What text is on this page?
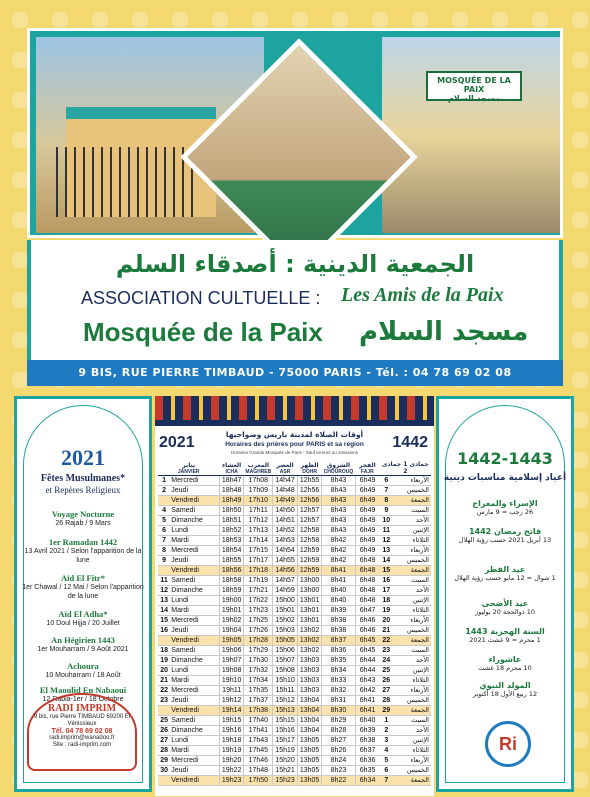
MOSQUÉE DE LA PAIX
مسجد السلام
الجمعية الدينية : أصدقاء السلم
ASSOCIATION CULTUELLE : Les Amis de la Paix
Mosquée de la Paix مسجد السلام
9 BIS, RUE PIERRE TIMBAUD - 75000 PARIS - Tél. : 04 78 69 02 08
2021
Fêtes Musulmanes*
et Repères Religieux
Voyage Nocturne
26 Rajab / 9 Mars
1er Ramadan 1442
13 Avril 2021 / Selon l'apparition de la lune
Aïd El Fitr*
1er Chawal / 12 Mai / Selon l'apparition de la lune
Aïd El Adha*
10 Doul Hijja / 20 Juillet
An Hégirien 1443
1er Mouharram / 9 Août 2021
Achoura
10 Mouharram / 18 Août
El Maoulid En Nabaoui
12 Rabia-1er / 18 Octobre
RADI IMPRIM
9 bis, rue Pierre TIMBAUD 69200 El Vénissieux
Tél. 04 78 69 02 08
radi.imprim@wanadoo.fr
Site : radi-imprim.com
1442-1443
أعياد إسلامية مناسبات دينية
الإسراء والمعراج
26 رجب = 9 مارس
فاتح رمضان 1442
13 أبريل 2021 حسب رؤية الهلال
عيد الفطر
1 شوال = 12 مايو حسب رؤية الهلال
عيد الأضحى
10 ذوالحجة 20 يوليوز
السنة الهجرية 1443
1 محرم = 9 غشت 2021
عاشوراء
10 محرم 18 غشت
المولد النبوي
12 ربيع الأول 18 أكتوبر
Ri
2021	أوقات الصلاة لمدينة باريس وضواحيها
Horaires des prières pour PARIS et sa région
Horaires Grande Mosquée de Paris - Sauf erreurs ou omissions
1442
يناير
JANVIER		العشاء
ICHA	المغرب
MAGHREB	العصر
ASR	الظهر
DOHR	الشروق
CHOUROUQ	الفجر
FAJR	جمادى 1 جمادى 2	

1	Mercredi	18h47	17h08	14h47	12h55	8h43	6h49	6	الأربعاء
2	Jeudi	18h48	17h09	14h48	12h56	8h43	6h49	7	الخميس
	Vendredi	18h49	17h10	14h49	12h56	8h43	6h49	8	الجمعة
4	Samedi	18h50	17h11	14h50	12h57	8h43	6h49	9	السبت
5	Dimanche	18h51	17h12	14h51	12h57	8h43	6h49	10	الأحد
6	Lundi	18h52	17h13	14h52	12h58	8h43	6h49	11	الإثنين
7	Mardi	18h53	17h14	14h53	12h58	8h42	6h49	12	الثلاثاء
8	Mercredi	18h54	17h15	14h54	12h59	8h42	6h49	13	الأربعاء
9	Jeudi	18h55	17h17	14h55	12h59	8h42	6h49	14	الخميس
	Vendredi	18h56	17h18	14h56	12h59	8h41	6h48	15	الجمعة
11	Samedi	18h58	17h19	14h57	13h00	8h41	6h48	16	السبت
12	Dimanche	18h59	17h21	14h59	13h00	8h40	6h48	17	الأحد
13	Lundi	19h00	17h22	15h00	13h01	8h40	6h48	18	الإثنين
14	Mardi	19h01	17h23	15h01	13h01	8h39	6h47	19	الثلاثاء
15	Mercredi	19h02	17h25	15h02	13h01	8h38	6h46	20	الأربعاء
16	Jeudi	19h04	17h26	15h03	13h02	8h38	6h46	21	الخميس
	Vendredi	19h05	17h28	15h05	13h02	8h37	6h45	22	الجمعة
18	Samedi	19h06	17h29	15h06	13h02	8h36	6h45	23	السبت
19	Dimanche	19h07	17h30	15h07	13h03	8h35	6h44	24	الأحد
20	Lundi	19h08	17h32	15h08	13h03	8h34	6h44	25	الإثنين
21	Mardi	19h10	17h34	15h10	13h03	8h33	6h43	26	الثلاثاء
22	Mercredi	19h11	17h35	15h11	13h03	8h32	6h42	27	الأربعاء
23	Jeudi	19h12	17h37	15h12	13h04	8h31	6h41	28	الخميس
	Vendredi	19h14	17h38	15h13	13h04	8h30	6h41	29	الجمعة
25	Samedi	19h15	17h40	15h15	13h04	8h29	6h40	1	السبت
26	Dimanche	19h16	17h41	15h16	13h04	8h28	6h39	2	الأحد
27	Lundi	19h18	17h43	15h17	13h05	8h27	6h38	3	الإثنين
28	Mardi	19h19	17h45	15h19	13h05	8h26	6h37	4	الثلاثاء
29	Mercredi	19h20	17h46	15h20	13h05	8h24	6h36	5	الأربعاء
30	Jeudi	19h22	17h48	15h21	13h05	8h23	6h35	6	الخميس
	Vendredi	19h23	17h50	15h23	13h05	8h22	6h34	7	الجمعة
